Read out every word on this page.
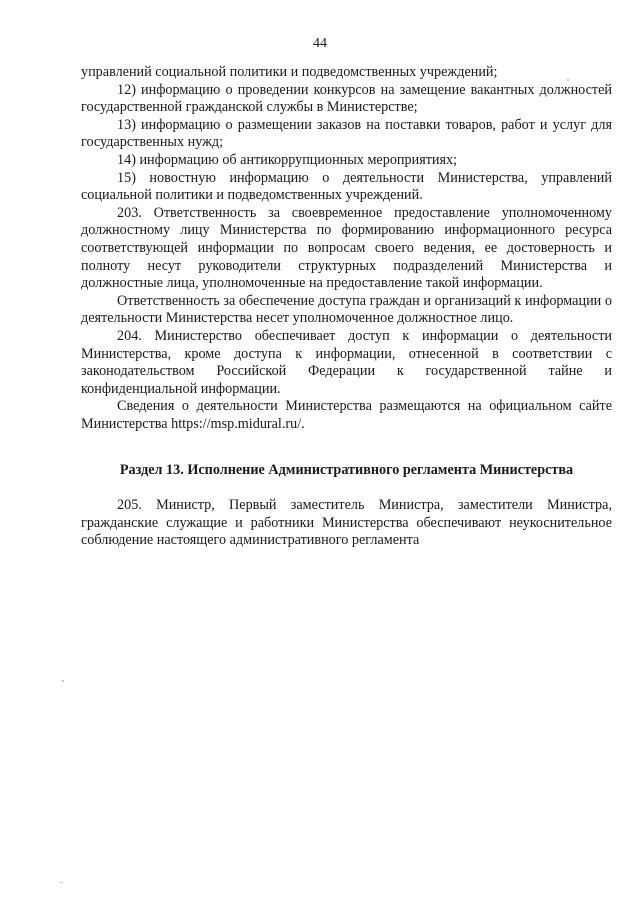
44

управлений социальной политики и подведомственных учреждений;

12) информацию о проведении конкурсов на замещение вакантных должностей государственной гражданской службы в Министерстве;

13) информацию о размещении заказов на поставки товаров, работ и услуг для государственных нужд;

14) информацию об антикоррупционных мероприятиях;

15) новостную информацию о деятельности Министерства, управлений социальной политики и подведомственных учреждений.

203. Ответственность за своевременное предоставление уполномоченному должностному лицу Министерства по формированию информационного ресурса соответствующей информации по вопросам своего ведения, ее достоверность и полноту несут руководители структурных подразделений Министерства и должностные лица, уполномоченные на предоставление такой информации.

Ответственность за обеспечение доступа граждан и организаций к информации о деятельности Министерства несет уполномоченное должностное лицо.

204. Министерство обеспечивает доступ к информации о деятельности Министерства, кроме доступа к информации, отнесенной в соответствии с законодательством Российской Федерации к государственной тайне и конфиденциальной информации.

Сведения о деятельности Министерства размещаются на официальном сайте Министерства https://msp.midural.ru/.

Раздел 13. Исполнение Административного регламента Министерства

205. Министр, Первый заместитель Министра, заместители Министра, гражданские служащие и работники Министерства обеспечивают неукоснительное соблюдение настоящего административного регламента
